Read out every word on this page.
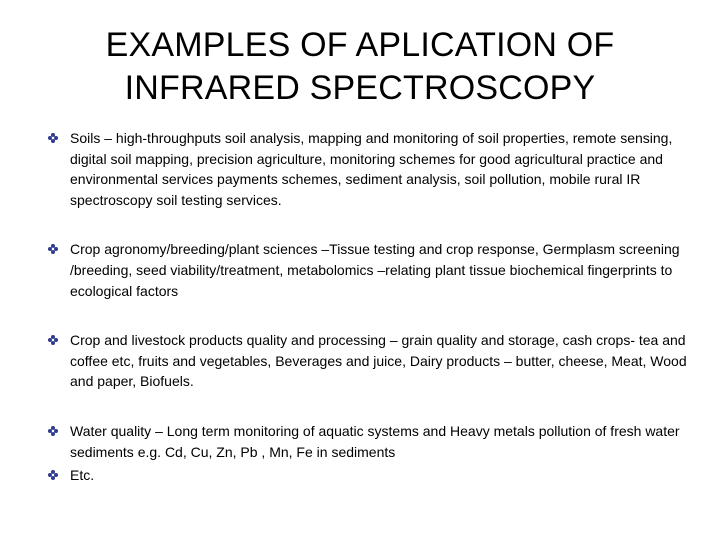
EXAMPLES OF APLICATION OF
INFRARED SPECTROSCOPY
Soils – high-throughputs soil analysis, mapping and monitoring of soil properties, remote sensing, digital soil mapping, precision agriculture, monitoring schemes for good agricultural practice and environmental services payments schemes, sediment analysis, soil pollution, mobile rural IR spectroscopy soil testing services.
Crop agronomy/breeding/plant sciences –Tissue testing and crop response, Germplasm screening /breeding, seed viability/treatment, metabolomics –relating plant tissue biochemical fingerprints to ecological factors
Crop and livestock products quality and processing – grain quality and storage, cash crops- tea and coffee etc, fruits and vegetables, Beverages and juice, Dairy products – butter, cheese, Meat, Wood and paper, Biofuels.
Water quality – Long term monitoring of aquatic systems and Heavy metals pollution of fresh water sediments e.g. Cd, Cu, Zn, Pb , Mn, Fe in sediments
Etc.
